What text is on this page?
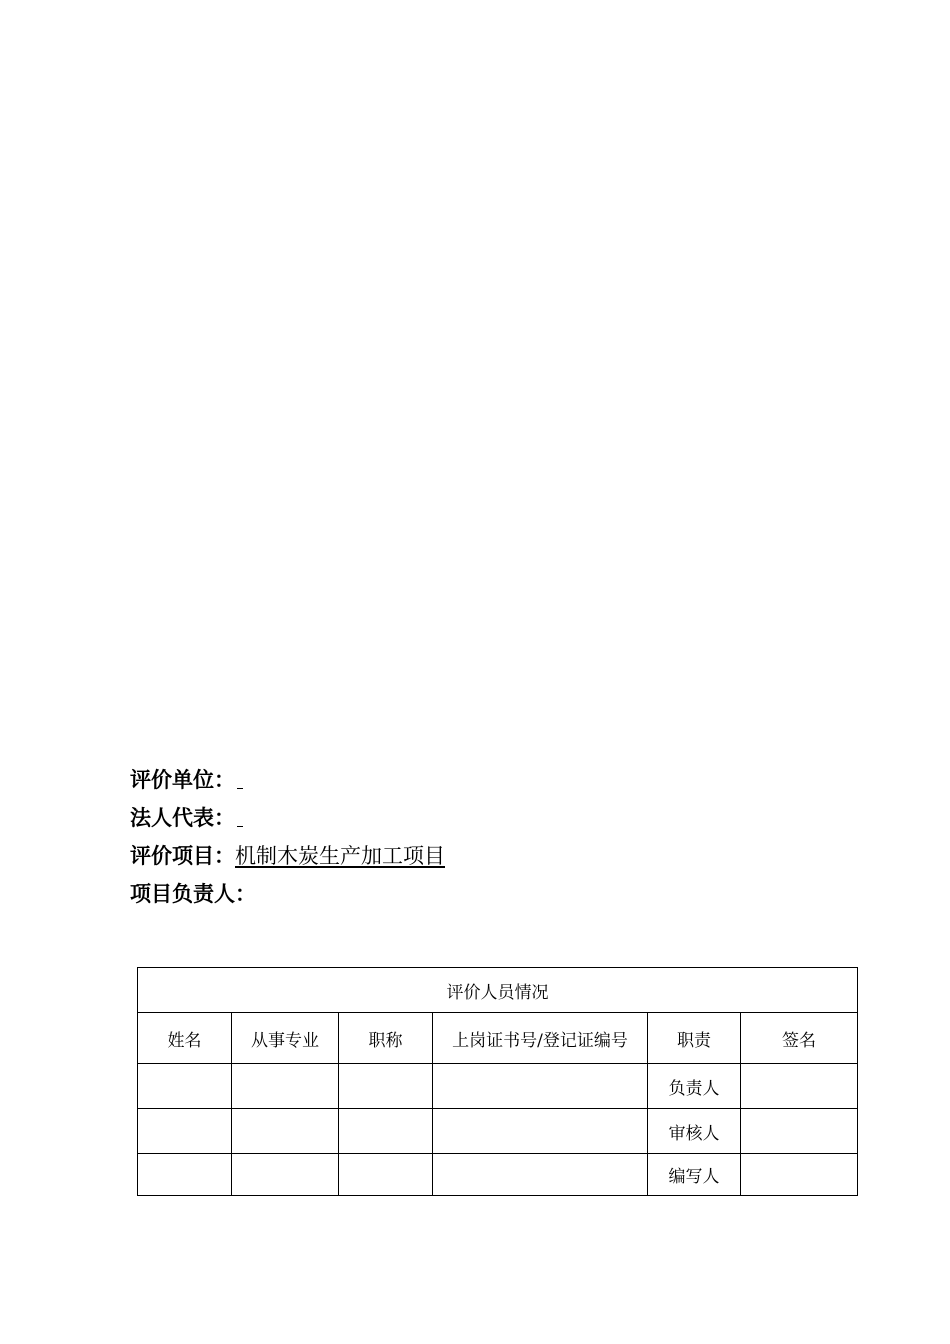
评价单位：
法人代表：
评价项目：机制木炭生产加工项目
项目负责人：
评价人员情况					
姓名	从事专业	职称	上岗证书号/登记证编号	职责	签名
				负责人	
				审核人	
				编写人	
